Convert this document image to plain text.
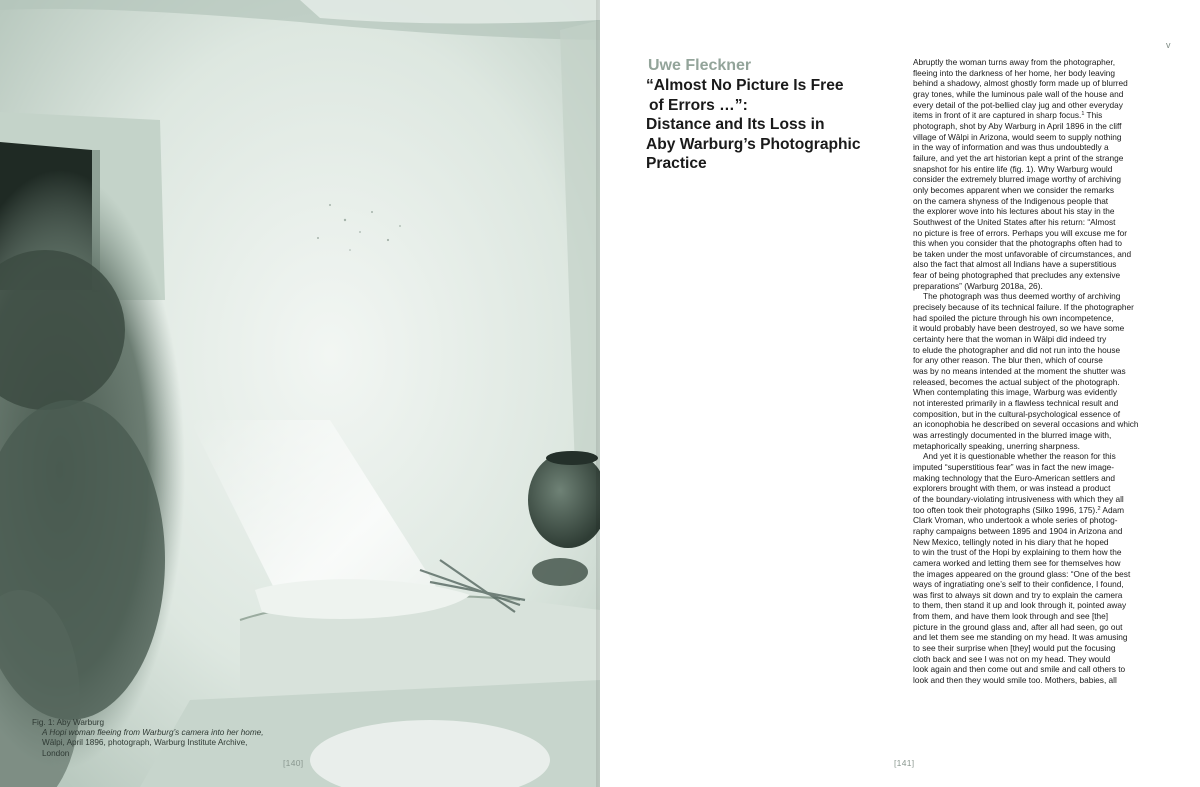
Fig. 1: Aby Warburg
A Hopi woman fleeing from Warburg’s camera into her home,
Wālpi, April 1896, photograph, Warburg Institute Archive,
London
[140]
v
Uwe Fleckner
“Almost No Picture Is Free
of Errors …”:
Distance and Its Loss in
Aby Warburg’s Photographic
Practice
Abruptly the woman turns away from the photographer,
fleeing into the darkness of her home, her body leaving
behind a shadowy, almost ghostly form made up of blurred
gray tones, while the luminous pale wall of the house and
every detail of the pot-bellied clay jug and other everyday
items in front of it are captured in sharp focus.$^1$ This
photograph, shot by Aby Warburg in April 1896 in the cliff
village of Wālpi in Arizona, would seem to supply nothing
in the way of information and was thus undoubtedly a
failure, and yet the art historian kept a print of the strange
snapshot for his entire life (fig. 1). Why Warburg would
consider the extremely blurred image worthy of archiving
only becomes apparent when we consider the remarks
on the camera shyness of the Indigenous people that
the explorer wove into his lectures about his stay in the
Southwest of the United States after his return: “Almost
no picture is free of errors. Perhaps you will excuse me for
this when you consider that the photographs often had to
be taken under the most unfavorable of circumstances, and
also the fact that almost all Indians have a superstitious
fear of being photographed that precludes any extensive
preparations” (Warburg 2018a, 26).
The photograph was thus deemed worthy of archiving
precisely because of its technical failure. If the photographer
had spoiled the picture through his own incompetence,
it would probably have been destroyed, so we have some
certainty here that the woman in Wālpi did indeed try
to elude the photographer and did not run into the house
for any other reason. The blur then, which of course
was by no means intended at the moment the shutter was
released, becomes the actual subject of the photograph.
When contemplating this image, Warburg was evidently
not interested primarily in a flawless technical result and
composition, but in the cultural-psychological essence of
an iconophobia he described on several occasions and which
was arrestingly documented in the blurred image with,
metaphorically speaking, unerring sharpness.
And yet it is questionable whether the reason for this
imputed “superstitious fear” was in fact the new image-
making technology that the Euro-American settlers and
explorers brought with them, or was instead a product
of the boundary-violating intrusiveness with which they all
too often took their photographs (Silko 1996, 175).$^2$ Adam
Clark Vroman, who undertook a whole series of photog-
raphy campaigns between 1895 and 1904 in Arizona and
New Mexico, tellingly noted in his diary that he hoped
to win the trust of the Hopi by explaining to them how the
camera worked and letting them see for themselves how
the images appeared on the ground glass: “One of the best
ways of ingratiating one’s self to their confidence, I found,
was first to always sit down and try to explain the camera
to them, then stand it up and look through it, pointed away
from them, and have them look through and see [the]
picture in the ground glass and, after all had seen, go out
and let them see me standing on my head. It was amusing
to see their surprise when [they] would put the focusing
cloth back and see I was not on my head. They would
look again and then come out and smile and call others to
look and then they would smile too. Mothers, babies, all
[141]
